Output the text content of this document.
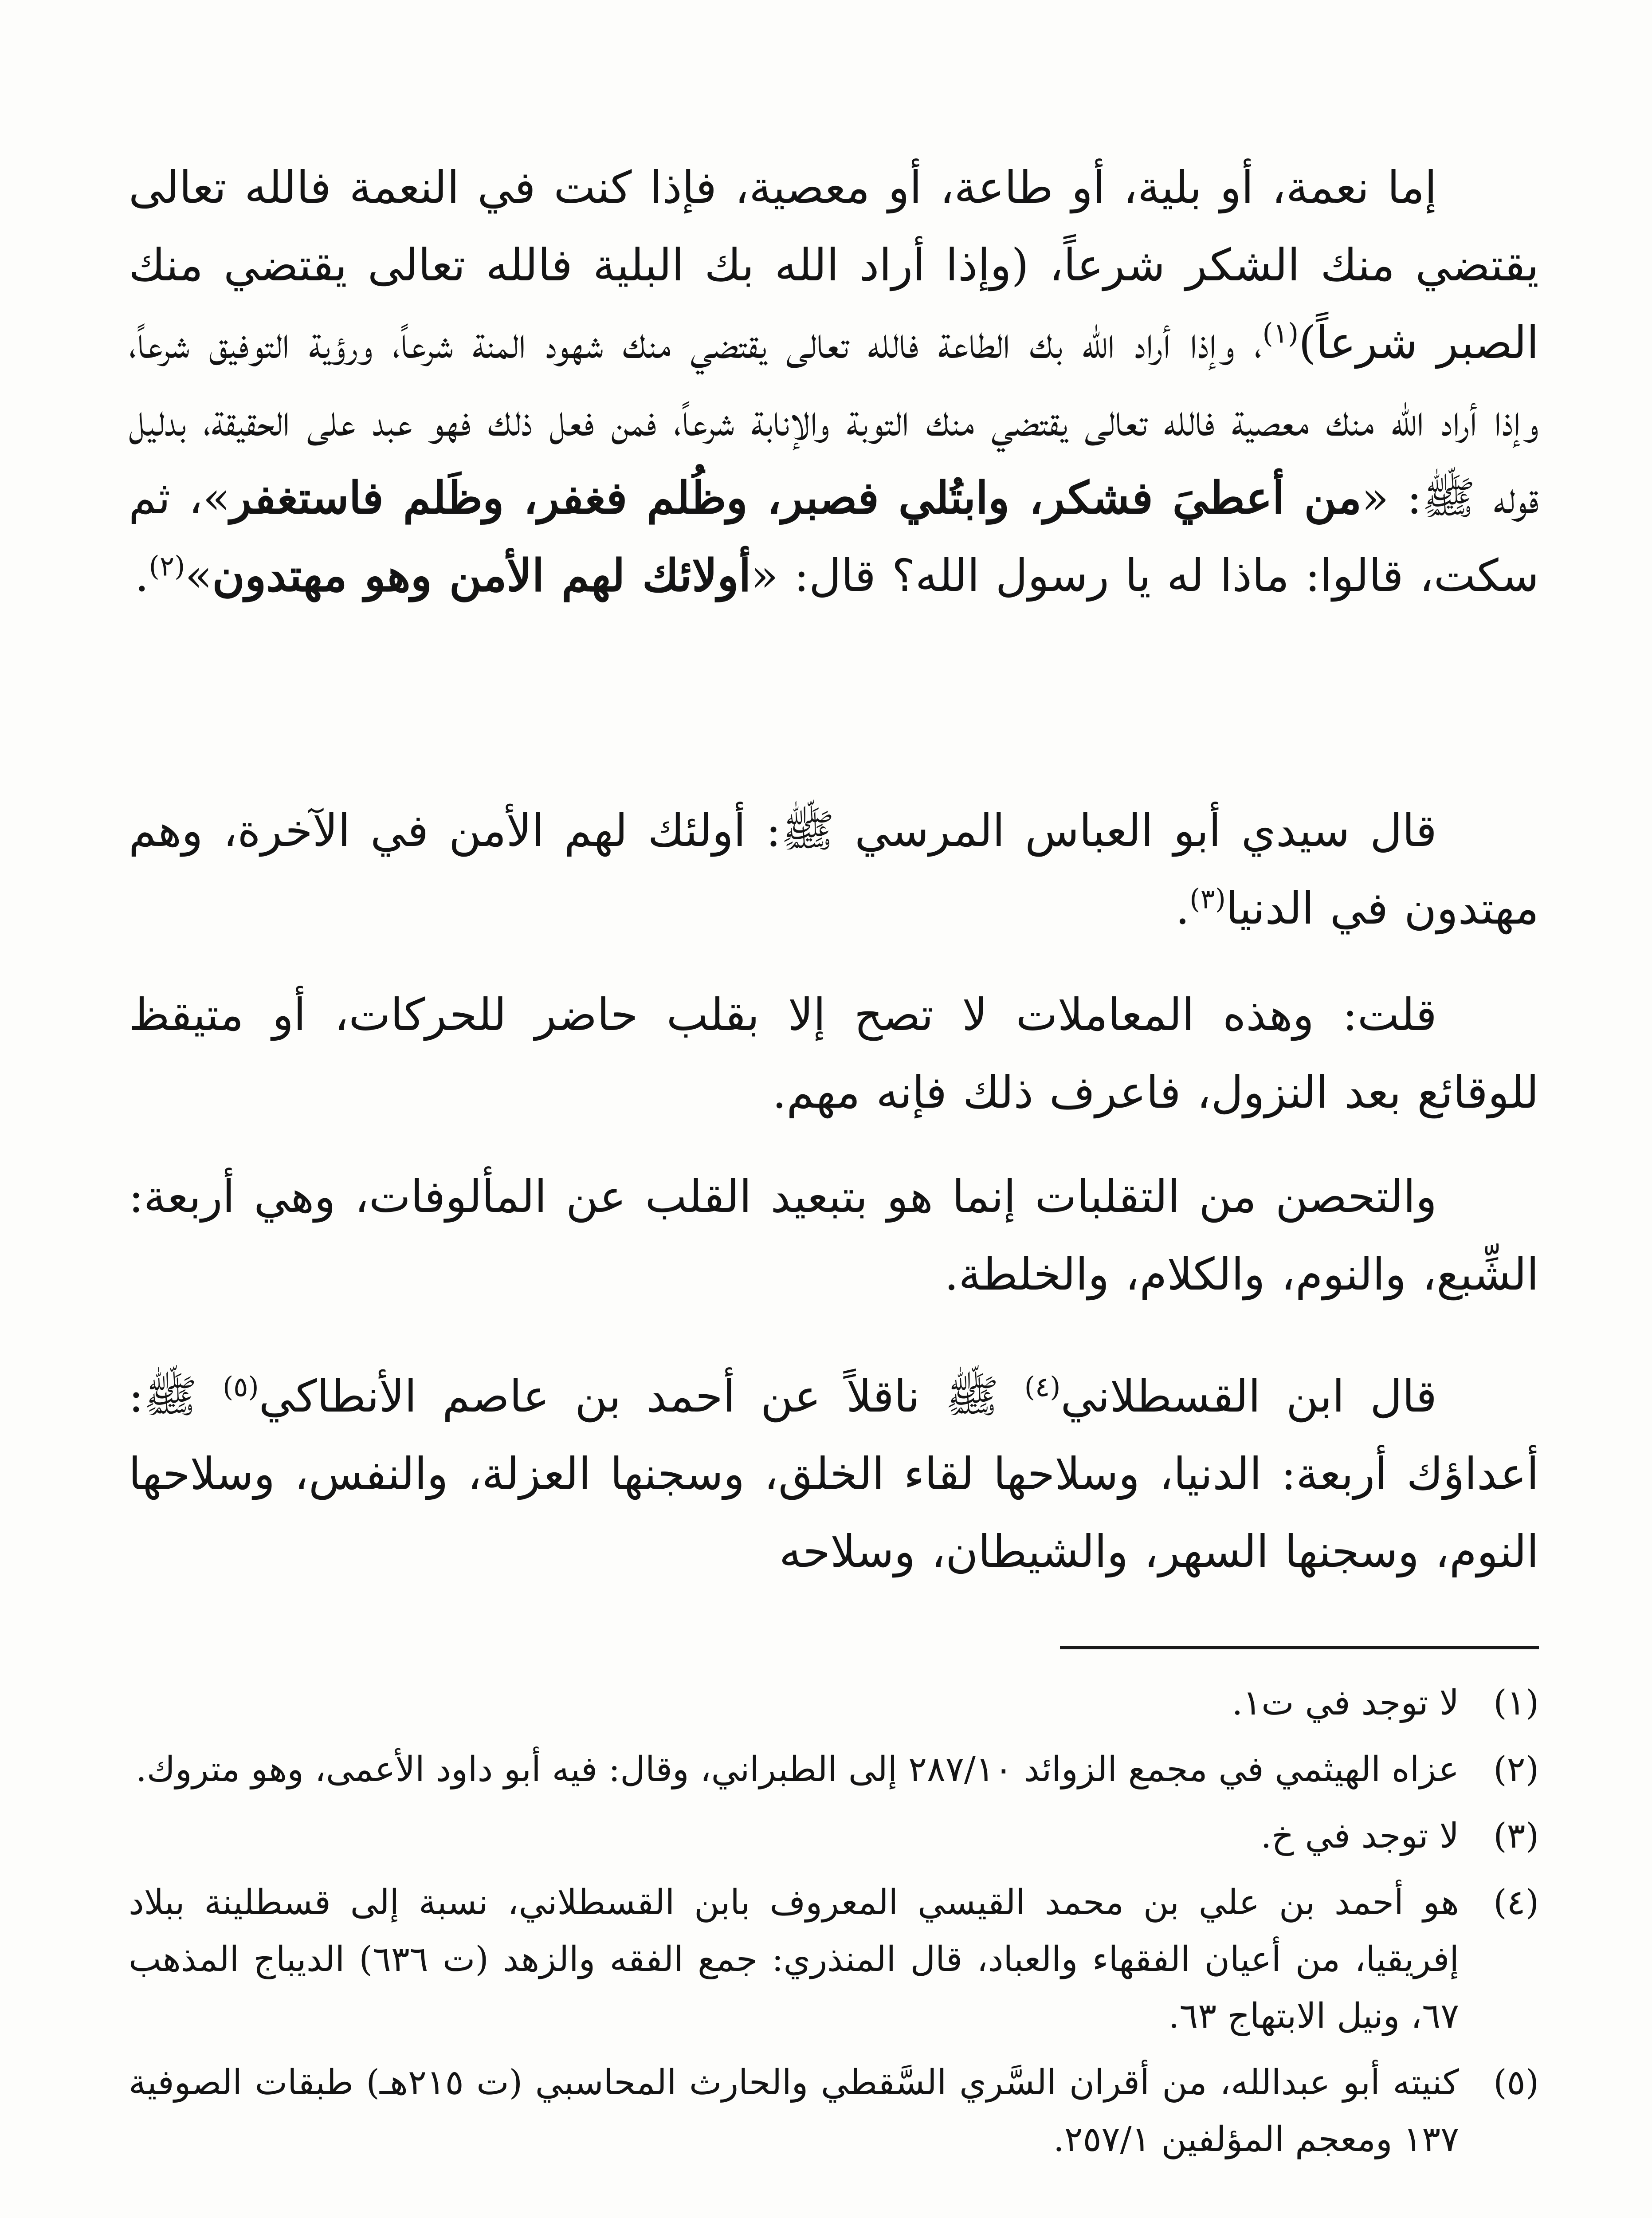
إما نعمة، أو بلية، أو طاعة، أو معصية، فإذا كنت في النعمة فالله تعالى يقتضي منك الشكر شرعاً، (وإذا أراد الله بك البلية فالله تعالى يقتضي منك الصبر شرعاً)$^{(١)}$، وإذا أراد الله بك الطاعة فالله تعالى يقتضي منك شهود المنة شرعاً، ورؤية التوفيق شرعاً، وإذا أراد الله منك معصية فالله تعالى يقتضي منك التوبة والإنابة شرعاً، فمن فعل ذلك فهو عبد على الحقيقة، بدليل قوله ﷺ: «من أعطيَ فشكر، وابتُلي فصبر، وظُلم فغفر، وظَلم فاستغفر»، ثم سكت، قالوا: ماذا له يا رسول الله؟ قال: «أولائك لهم الأمن وهو مهتدون»$^{(٢)}$.

قال سيدي أبو العباس المرسي ﷺ: أولئك لهم الأمن في الآخرة، وهم مهتدون في الدنيا$^{(٣)}$.

قلت: وهذه المعاملات لا تصح إلا بقلب حاضر للحركات، أو متيقظ للوقائع بعد النزول، فاعرف ذلك فإنه مهم.

والتحصن من التقلبات إنما هو بتبعيد القلب عن المألوفات، وهي أربعة: الشِّبع، والنوم، والكلام، والخلطة.

قال ابن القسطلاني$^{(٤)}$ ﷺ ناقلاً عن أحمد بن عاصم الأنطاكي$^{(٥)}$ ﷺ: أعداؤك أربعة: الدنيا، وسلاحها لقاء الخلق، وسجنها العزلة، والنفس، وسلاحها النوم، وسجنها السهر، والشيطان، وسلاحه

(١)
لا توجد في ت١.
(٢)
عزاه الهيثمي في مجمع الزوائد ٢٨٧/١٠ إلى الطبراني، وقال: فيه أبو داود الأعمى، وهو متروك.
(٣)
لا توجد في خ.
(٤)
هو أحمد بن علي بن محمد القيسي المعروف بابن القسطلاني، نسبة إلى قسطلينة ببلاد إفريقيا، من أعيان الفقهاء والعباد، قال المنذري: جمع الفقه والزهد (ت ٦٣٦) الديباج المذهب ٦٧، ونيل الابتهاج ٦٣.
(٥)
كنيته أبو عبدالله، من أقران السَّري السَّقطي والحارث المحاسبي (ت ٢١٥هـ) طبقات الصوفية ١٣٧ ومعجم المؤلفين ٢٥٧/١.
